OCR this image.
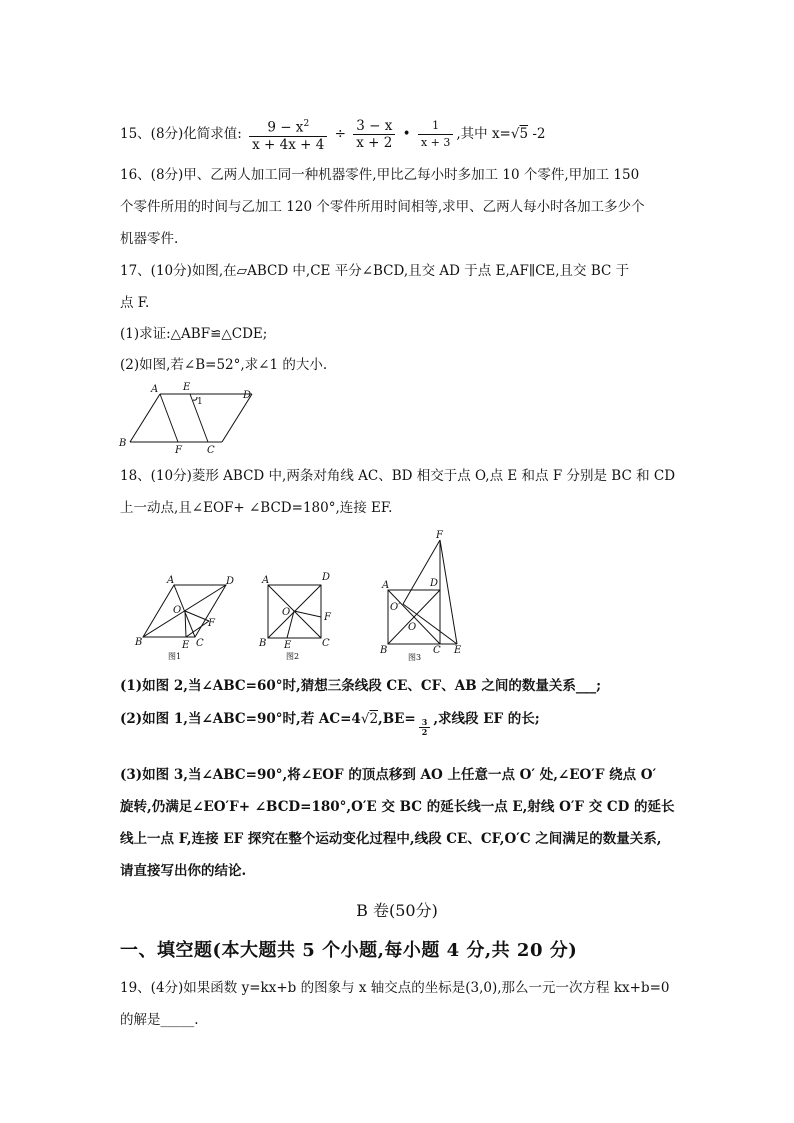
15、(8分)化简求值: $\frac{9 - x^2}{x + 4x + 4} \div \frac{3 - x}{x + 2}$ • $\frac{1}{x + 3}$ ,其中 x=√5 -2
16、(8分)甲、乙两人加工同一种机器零件,甲比乙每小时多加工 10 个零件,甲加工 150
个零件所用的时间与乙加工 120 个零件所用时间相等,求甲、乙两人每小时各加工多少个
机器零件.
17、(10分)如图,在▱ABCD 中,CE 平分∠BCD,且交 AD 于点 E,AF∥CE,且交 BC 于
点 F.
(1)求证:△ABF≌△CDE;
(2)如图,若∠B=52°,求∠1 的大小.
A E
1
D
B
F	C
18、(10分)菱形 ABCD 中,两条对角线 AC、BD 相交于点 O,点 E 和点 F 分别是 BC 和 CD
上一动点,且∠EOF+ ∠BCD=180°,连接 EF.
A	D
O
F
B	E C
图1
A	D
O	F
B E	C
图2
F
A	D
O′
O
B	C E
图3
(1)如图 2,当∠ABC=60°时,猜想三条线段 CE、CF、AB 之间的数量关系___;
(2)如图 1,当∠ABC=90°时,若 $AC=4√2,BE= \frac{3}{2}$ ,求线段 EF 的长;
(3)如图 3,当∠ABC=90°,将∠EOF 的顶点移到 AO 上任意一点 O′ 处,∠EO′F 绕点 O′
旋转,仍满足∠EO′F+ ∠BCD=180°,O′E 交 BC 的延长线一点 E,射线 O′F 交 CD 的延长
线上一点 F,连接 EF 探究在整个运动变化过程中,线段 CE、CF,O′C 之间满足的数量关系,
请直接写出你的结论.
B 卷(50分)
一、填空题(本大题共 5 个小题,每小题 4 分,共 20 分)
19、(4分)如果函数 y=kx+b 的图象与 x 轴交点的坐标是(3,0),那么一元一次方程 kx+b=0
的解是_____.
